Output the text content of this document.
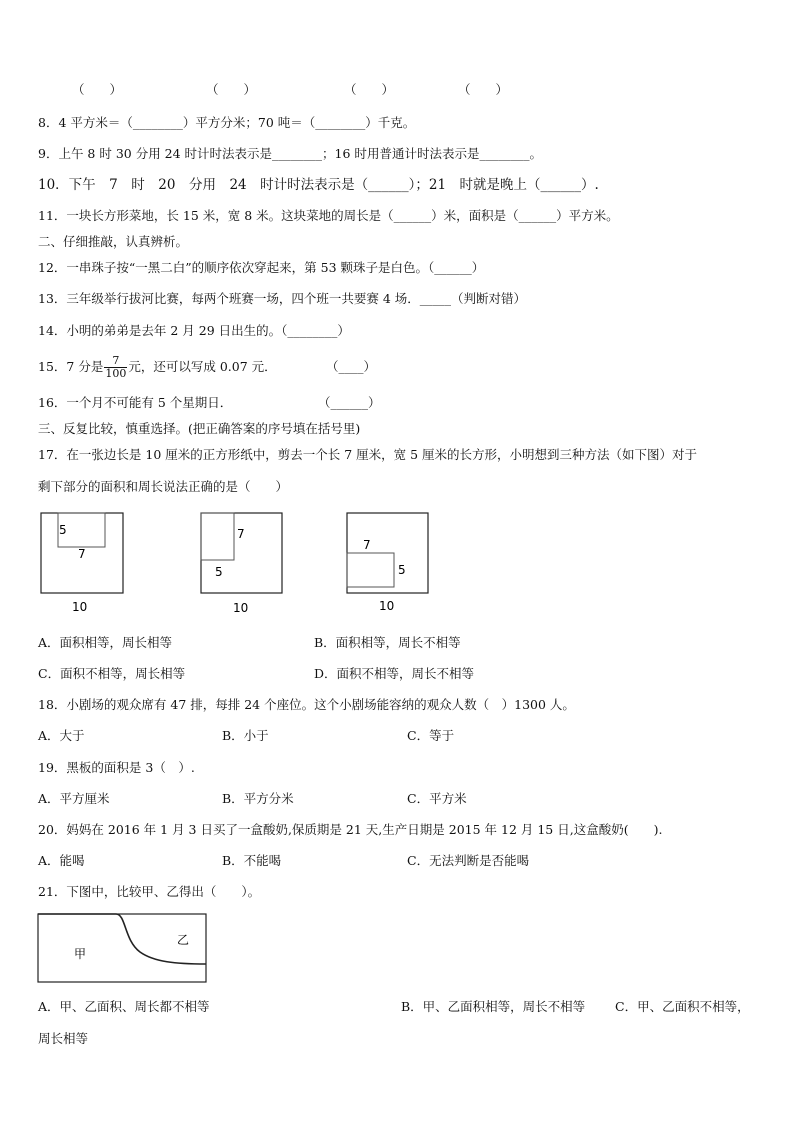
（　　）	（　　）	（　　）	（　　）
8．4 平方米＝（________）平方分米；70 吨＝（________）千克。
9．上午 8 时 30 分用 24 时计时法表示是________；16 时用普通计时法表示是________。
10．下午　7　时　20　分用　24　时计时法表示是（______）；21　时就是晚上（______）.
11．一块长方形菜地，长 15 米，宽 8 米。这块菜地的周长是（______）米，面积是（______）平方米。
二、仔细推敲，认真辨析。
12．一串珠子按“一黑二白”的顺序依次穿起来，第 53 颗珠子是白色。（______）
13．三年级举行拔河比赛，每两个班赛一场，四个班一共要赛 4 场．_____（判断对错）
14．小明的弟弟是去年 2 月 29 日出生的。（________）
15．7 分是 $\frac{7}{100}$ 元，还可以写成 0.07 元．	（____）
16．一个月不可能有 5 个星期日．	（______）
三、反复比较，慎重选择。(把正确答案的序号填在括号里)
17．在一张边长是 10 厘米的正方形纸中，剪去一个长 7 厘米，宽 5 厘米的长方形，小明想到三种方法（如下图）对于
剩下部分的面积和周长说法正确的是（　　）
5
7
10
7
5
10
7
5
10
A．面积相等，周长相等	B．面积相等，周长不相等
C．面积不相等，周长相等	D．面积不相等，周长不相等
18．小剧场的观众席有 47 排，每排 24 个座位。这个小剧场能容纳的观众人数（　）1300 人。
A．大于	B．小于	C．等于
19．黑板的面积是 3（　）.
A．平方厘米	B．平方分米	C．平方米
20．妈妈在 2016 年 1 月 3 日买了一盒酸奶,保质期是 21 天,生产日期是 2015 年 12 月 15 日,这盒酸奶(　　).
A．能喝	B．不能喝	C．无法判断是否能喝
21．下图中，比较甲、乙得出（　　）。
甲
乙
A．甲、乙面积、周长都不相等	B．甲、乙面积相等，周长不相等 C．甲、乙面积不相等，
周长相等
